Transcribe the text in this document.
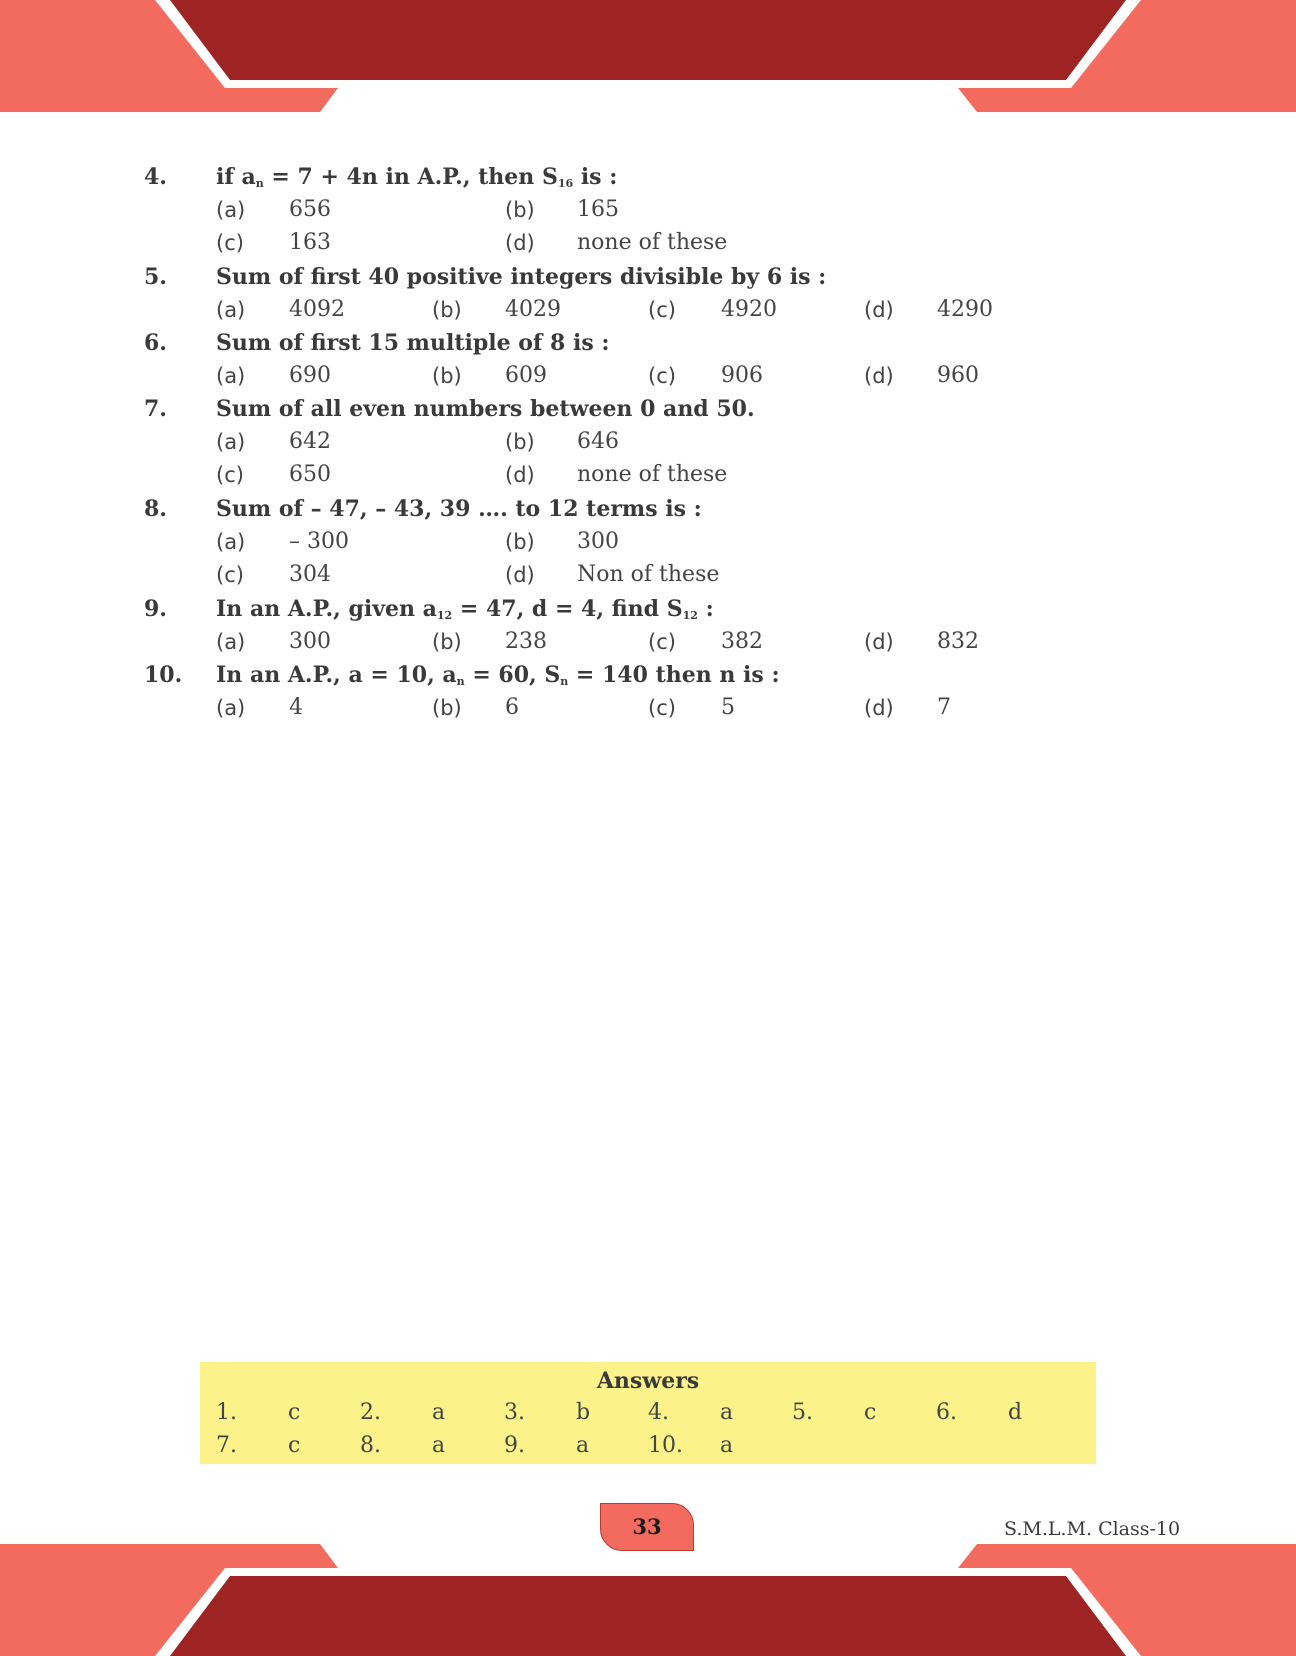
4. if $a_n = 7 + 4n$ in A.P., then $S_{16}$ is :
(a) 656	(b) 165
(c) 163	(d) none of these
5. Sum of first 40 positive integers divisible by 6 is :
(a) 4092	(b) 4029	(c) 4920	(d) 4290
6. Sum of first 15 multiple of 8 is :
(a) 690	(b) 609	(c) 906	(d) 960
7. Sum of all even numbers between 0 and 50.
(a) 642	(b) 646
(c) 650	(d) none of these
8. Sum of – 47, – 43, 39 …. to 12 terms is :
(a) – 300	(b) 300
(c) 304	(d) Non of these
9. In an A.P., given $a_{12} = 47$, d = 4, find $S_{12}$ :
(a) 300	(b) 238	(c) 382	(d) 832
10. In an A.P., a = 10, $a_n = 60$, $S_n = 140$ then n is :
(a) 4	(b) 6	(c) 5	(d) 7
Answers
1. c	2. a	3. b	4. a	5. c	6. d
7. c	8. a	9. a	10. a
33	S.M.L.M. Class-10
